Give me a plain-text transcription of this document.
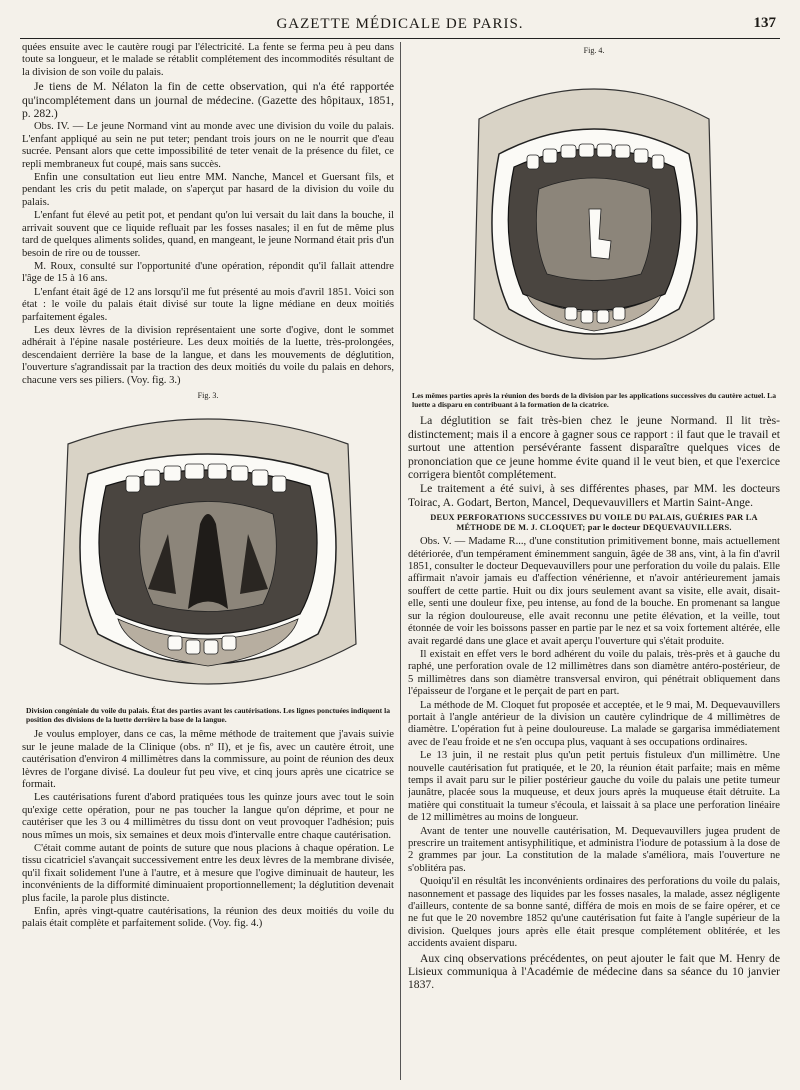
GAZETTE MÉDICALE DE PARIS.	137

quées ensuite avec le cautère rougi par l'électricité. La fente se ferma peu à peu dans toute sa longueur, et le malade se rétablit complétement des incommodités résultant de la division de son voile du palais.

Je tiens de M. Nélaton la fin de cette observation, qui n'a été rapportée qu'incomplétement dans un journal de médecine. (Gazette des hôpitaux, 1851, p. 282.)

Obs. IV. — Le jeune Normand vint au monde avec une division du voile du palais. L'enfant appliqué au sein ne put teter; pendant trois jours on ne le nourrit que d'eau sucrée. Pensant alors que cette impossibilité de teter venait de la présence du filet, ce repli membraneux fut coupé, mais sans succès.

Enfin une consultation eut lieu entre MM. Nanche, Mancel et Guersant fils, et pendant les cris du petit malade, on s'aperçut par hasard de la division du voile du palais.

L'enfant fut élevé au petit pot, et pendant qu'on lui versait du lait dans la bouche, il arrivait souvent que ce liquide refluait par les fosses nasales; il en fut de même plus tard de quelques aliments solides, quand, en mangeant, le jeune Normand était pris d'un besoin de rire ou de tousser.

M. Roux, consulté sur l'opportunité d'une opération, répondit qu'il fallait attendre l'âge de 15 à 16 ans.

L'enfant était âgé de 12 ans lorsqu'il me fut présenté au mois d'avril 1851. Voici son état : le voile du palais était divisé sur toute la ligne médiane en deux moitiés parfaitement égales.

Les deux lèvres de la division représentaient une sorte d'ogive, dont le sommet adhérait à l'épine nasale postérieure. Les deux moitiés de la luette, très-prolongées, descendaient derrière la base de la langue, et dans les mouvements de déglutition, l'ouverture s'agrandissait par la traction des deux moitiés du voile du palais en dehors, chacune vers ses piliers. (Voy. fig. 3.)

Fig. 3.
Division congéniale du voile du palais. État des parties avant les cautérisations. Les lignes ponctuées indiquent la position des divisions de la luette derrière la base de la langue.

Je voulus employer, dans ce cas, la même méthode de traitement que j'avais suivie sur le jeune malade de la Clinique (obs. nº II), et je fis, avec un cautère étroit, une cautérisation d'environ 4 millimètres dans la commissure, au point de réunion des deux lèvres de l'organe divisé. La douleur fut peu vive, et cinq jours après une cicatrice se formait.

Les cautérisations furent d'abord pratiquées tous les quinze jours avec tout le soin qu'exige cette opération, pour ne pas toucher la langue qu'on déprime, et pour ne cautériser que les 3 ou 4 millimètres du tissu dont on veut provoquer l'adhésion; puis nous mîmes un mois, six semaines et deux mois d'intervalle entre chaque cautérisation.

C'était comme autant de points de suture que nous placions à chaque opération. Le tissu cicatriciel s'avançait successivement entre les deux lèvres de la membrane divisée, qu'il fixait solidement l'une à l'autre, et à mesure que l'ogive diminuait de hauteur, les inconvénients de la difformité diminuaient proportionnellement; la déglutition devenait plus facile, la parole plus distincte.

Enfin, après vingt-quatre cautérisations, la réunion des deux moitiés du voile du palais était complète et parfaitement solide. (Voy. fig. 4.)

Fig. 4.
Les mêmes parties après la réunion des bords de la division par les applications successives du cautère actuel. La luette a disparu en contribuant à la formation de la cicatrice.

La déglutition se fait très-bien chez le jeune Normand. Il lit très-distinctement; mais il a encore à gagner sous ce rapport : il faut que le travail et surtout une attention persévérante fassent disparaître quelques vices de prononciation que ce jeune homme évite quand il le veut bien, et que l'exercice corrigera bientôt complétement.

Le traitement a été suivi, à ses différentes phases, par MM. les docteurs Toirac, A. Godart, Berton, Mancel, Dequevauvillers et Martin Saint-Ange.

DEUX PERFORATIONS SUCCESSIVES DU VOILE DU PALAIS, GUÉRIES PAR LA MÉTHODE DE M. J. CLOQUET; par le docteur DEQUEVAUVILLERS.

Obs. V. — Madame R..., d'une constitution primitivement bonne, mais actuellement détériorée, d'un tempérament éminemment sanguin, âgée de 38 ans, vint, à la fin d'avril 1851, consulter le docteur Dequevauvillers pour une perforation du voile du palais. Elle affirmait n'avoir jamais eu d'affection vénérienne, et n'avoir antérieurement jamais souffert de cette partie. Huit ou dix jours seulement avant sa visite, elle avait, disait-elle, senti une douleur fixe, peu intense, au fond de la bouche. En promenant sa langue sur la région douloureuse, elle avait reconnu une petite élévation, et la veille, tout étonnée de voir les boissons passer en partie par le nez et sa voix fortement altérée, elle avait regardé dans une glace et avait aperçu l'ouverture qui s'était produite.

Il existait en effet vers le bord adhérent du voile du palais, très-près et à gauche du raphé, une perforation ovale de 12 millimètres dans son diamètre antéro-postérieur, de 5 millimètres dans son diamètre transversal environ, qui pénétrait obliquement dans l'épaisseur de l'organe et le perçait de part en part.

La méthode de M. Cloquet fut proposée et acceptée, et le 9 mai, M. Dequevauvillers portait à l'angle antérieur de la division un cautère cylindrique de 4 millimètres de diamètre. L'opération fut à peine douloureuse. La malade se gargarisa immédiatement avec de l'eau froide et ne s'en occupa plus, vaquant à ses occupations ordinaires.

Le 13 juin, il ne restait plus qu'un petit pertuis fistuleux d'un millimètre. Une nouvelle cautérisation fut pratiquée, et le 20, la réunion était parfaite; mais en même temps il avait paru sur le pilier postérieur gauche du voile du palais une petite tumeur jaunâtre, placée sous la muqueuse, et deux jours après la muqueuse était détruite. La matière qui constituait la tumeur s'écoula, et laissait à sa place une perforation linéaire de 12 millimètres au moins de longueur.

Avant de tenter une nouvelle cautérisation, M. Dequevauvillers jugea prudent de prescrire un traitement antisyphilitique, et administra l'iodure de potassium à la dose de 2 grammes par jour. La constitution de la malade s'améliora, mais l'ouverture ne s'oblitéra pas.

Quoiqu'il en résultât les inconvénients ordinaires des perforations du voile du palais, nasonnement et passage des liquides par les fosses nasales, la malade, assez négligente d'ailleurs, contente de sa bonne santé, différa de mois en mois de se faire opérer, et ce ne fut que le 20 novembre 1852 qu'une cautérisation fut faite à l'angle supérieur de la division. Quelques jours après elle était presque complétement oblitérée, et les accidents avaient disparu.

Aux cinq observations précédentes, on peut ajouter le fait que M. Henry de Lisieux communiqua à l'Académie de médecine dans sa séance du 10 janvier 1837.
